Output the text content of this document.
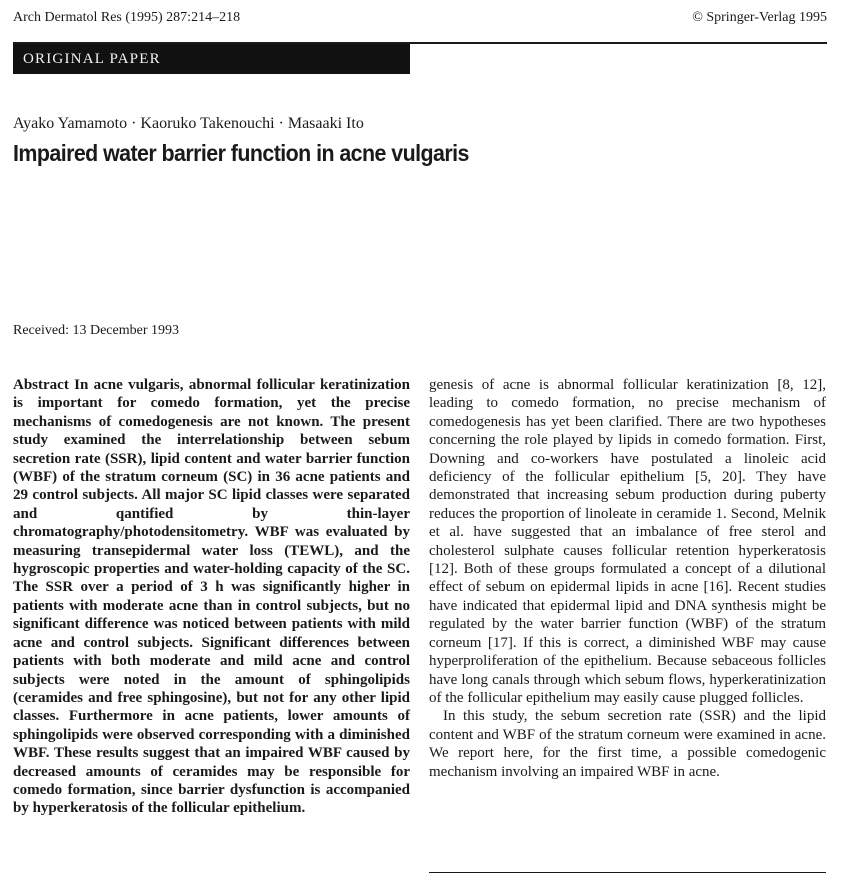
Arch Dermatol Res (1995) 287:214–218	© Springer-Verlag 1995
ORIGINAL PAPER
Ayako Yamamoto · Kaoruko Takenouchi · Masaaki Ito
Impaired water barrier function in acne vulgaris
Received: 13 December 1993
Abstract In acne vulgaris, abnormal follicular keratinization is important for comedo formation, yet the precise mechanisms of comedogenesis are not known. The present study examined the interrelationship between sebum secretion rate (SSR), lipid content and water barrier function (WBF) of the stratum corneum (SC) in 36 acne patients and 29 control subjects. All major SC lipid classes were separated and qantified by thin-layer chromatography/photodensitometry. WBF was evaluated by measuring transepidermal water loss (TEWL), and the hygroscopic properties and water-holding capacity of the SC. The SSR over a period of 3 h was significantly higher in patients with moderate acne than in control subjects, but no significant difference was noticed between patients with mild acne and control subjects. Significant differences between patients with both moderate and mild acne and control subjects were noted in the amount of sphingolipids (ceramides and free sphingosine), but not for any other lipid classes. Furthermore in acne patients, lower amounts of sphingolipids were observed corresponding with a diminished WBF. These results suggest that an impaired WBF caused by decreased amounts of ceramides may be responsible for comedo formation, since barrier dysfunction is accompanied by hyperkeratosis of the follicular epithelium.
genesis of acne is abnormal follicular keratinization [8, 12], leading to comedo formation, no precise mechanism of comedogenesis has yet been clarified. There are two hypotheses concerning the role played by lipids in comedo formation. First, Downing and co-workers have postulated a linoleic acid deficiency of the follicular epithelium [5, 20]. They have demonstrated that increasing sebum production during puberty reduces the proportion of linoleate in ceramide 1. Second, Melnik et al. have suggested that an imbalance of free sterol and cholesterol sulphate causes follicular retention hyperkeratosis [12]. Both of these groups formulated a concept of a dilutional effect of sebum on epidermal lipids in acne [16]. Recent studies have indicated that epidermal lipid and DNA synthesis might be regulated by the water barrier function (WBF) of the stratum corneum [17]. If this is correct, a diminished WBF may cause hyperproliferation of the epithelium. Because sebaceous follicles have long canals through which sebum flows, hyperkeratinization of the follicular epithelium may easily cause plugged follicles.
In this study, the sebum secretion rate (SSR) and the lipid content and WBF of the stratum corneum were examined in acne. We report here, for the first time, a possible comedogenic mechanism involving an impaired WBF in acne.
